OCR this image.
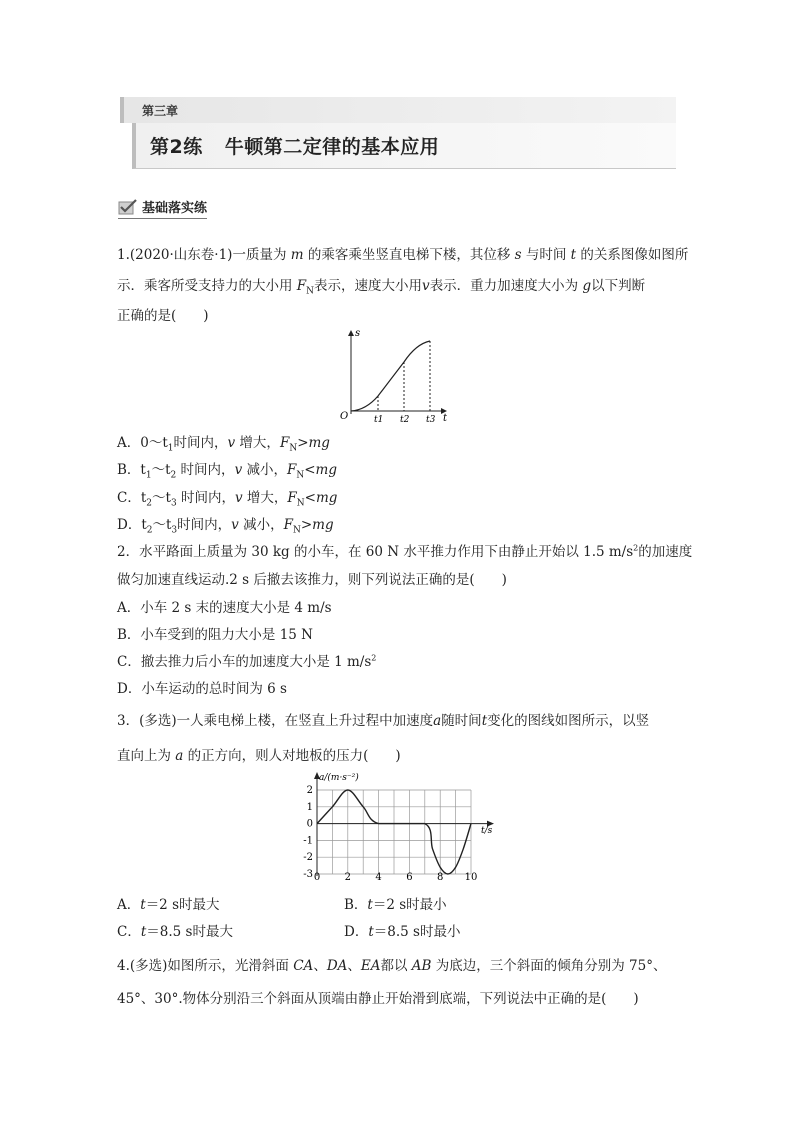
第三章
第2练 牛顿第二定律的基本应用
基础落实练
1.(2020·山东卷·1)一质量为 m 的乘客乘坐竖直电梯下楼，其位移 s 与时间 t 的关系图像如图所
示．乘客所受支持力的大小用 $F_N$表示，速度大小用v表示．重力加速度大小为 g以下判断
正确的是(　　)
s
t
O	t1 t2 t3
A．$0\sim t_1$时间内，v 增大，$F_N>mg$
B．$t_1\sim t_2$ 时间内，v 减小，$F_N<mg$
C．$t_2\sim t_3$ 时间内，v 增大，$F_N<mg$
D．$t_2\sim t_3$时间内，v 减小，$F_N>mg$
2．水平路面上质量为 30 kg 的小车，在 60 N 水平推力作用下由静止开始以 1.5 $m/s^2$的加速度
做匀加速直线运动.2 s 后撤去该推力，则下列说法正确的是(　　)
A．小车 2 s 末的速度大小是 4 m/s
B．小车受到的阻力大小是 15 N
C．撤去推力后小车的加速度大小是 1 $m/s^2$
D．小车运动的总时间为 6 s
3．(多选)一人乘电梯上楼，在竖直上升过程中加速度a随时间t变化的图线如图所示，以竖
直向上为 a 的正方向，则人对地板的压力(　　)
2
1
0
-1
-2
-3 0 2 4 6 8 10
a/(m·s⁻²)
t/s
A．t＝2 s时最大	B．t＝2 s时最小
C．t＝8.5 s时最大	D．t＝8.5 s时最小
4.(多选)如图所示，光滑斜面 CA、DA、EA都以 AB 为底边，三个斜面的倾角分别为 75°、
45°、30°.物体分别沿三个斜面从顶端由静止开始滑到底端，下列说法中正确的是(　　)
